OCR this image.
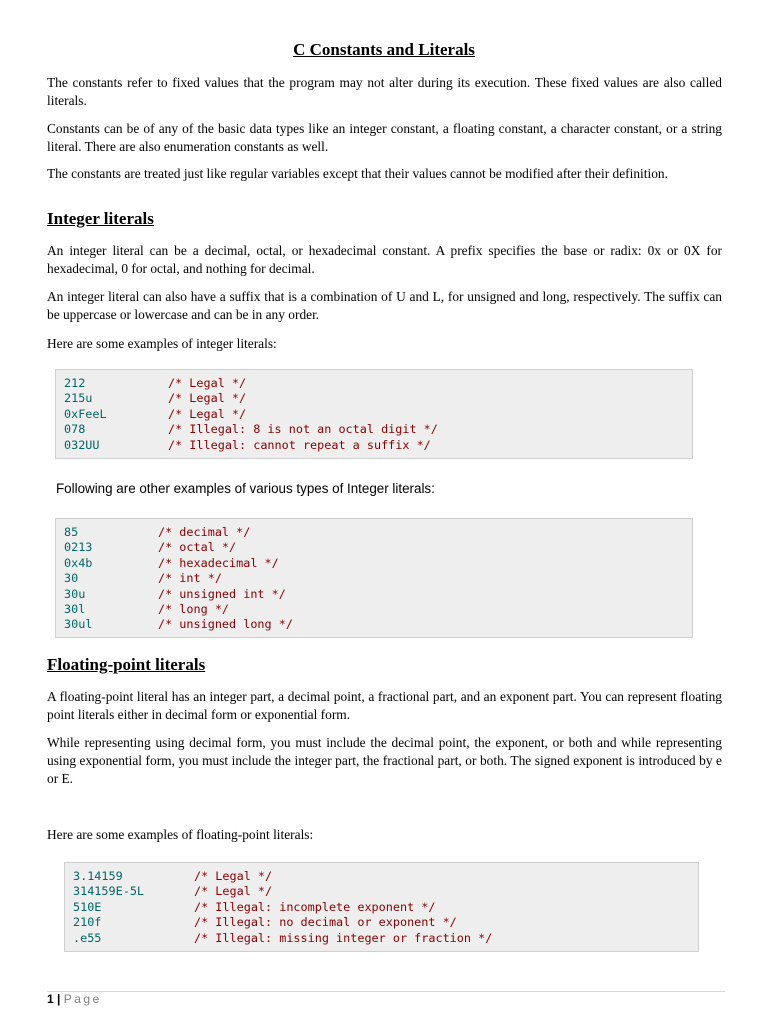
C Constants and Literals

The constants refer to fixed values that the program may not alter during its execution. These fixed values are also called literals.

Constants can be of any of the basic data types like an integer constant, a floating constant, a character constant, or a string literal. There are also enumeration constants as well.

The constants are treated just like regular variables except that their values cannot be modified after their definition.

Integer literals

An integer literal can be a decimal, octal, or hexadecimal constant. A prefix specifies the base or radix: 0x or 0X for hexadecimal, 0 for octal, and nothing for decimal.

An integer literal can also have a suffix that is a combination of U and L, for unsigned and long, respectively. The suffix can be uppercase or lowercase and can be in any order.

Here are some examples of integer literals:

212	/* Legal */
215u	/* Legal */
0xFeeL	/* Legal */
078	/* Illegal: 8 is not an octal digit */
032UU	/* Illegal: cannot repeat a suffix */

Following are other examples of various types of Integer literals:

85	/* decimal */
0213	/* octal */
0x4b	/* hexadecimal */
30	/* int */
30u	/* unsigned int */
30l	/* long */
30ul	/* unsigned long */
Floating-point literals

A floating-point literal has an integer part, a decimal point, a fractional part, and an exponent part. You can represent floating point literals either in decimal form or exponential form.

While representing using decimal form, you must include the decimal point, the exponent, or both and while representing using exponential form, you must include the integer part, the fractional part, or both. The signed exponent is introduced by e or E.

Here are some examples of floating-point literals:

3.14159	/* Legal */
314159E-5L	/* Legal */
510E	/* Illegal: incomplete exponent */
210f	/* Illegal: no decimal or exponent */
.e55	/* Illegal: missing integer or fraction */
1 | Page
